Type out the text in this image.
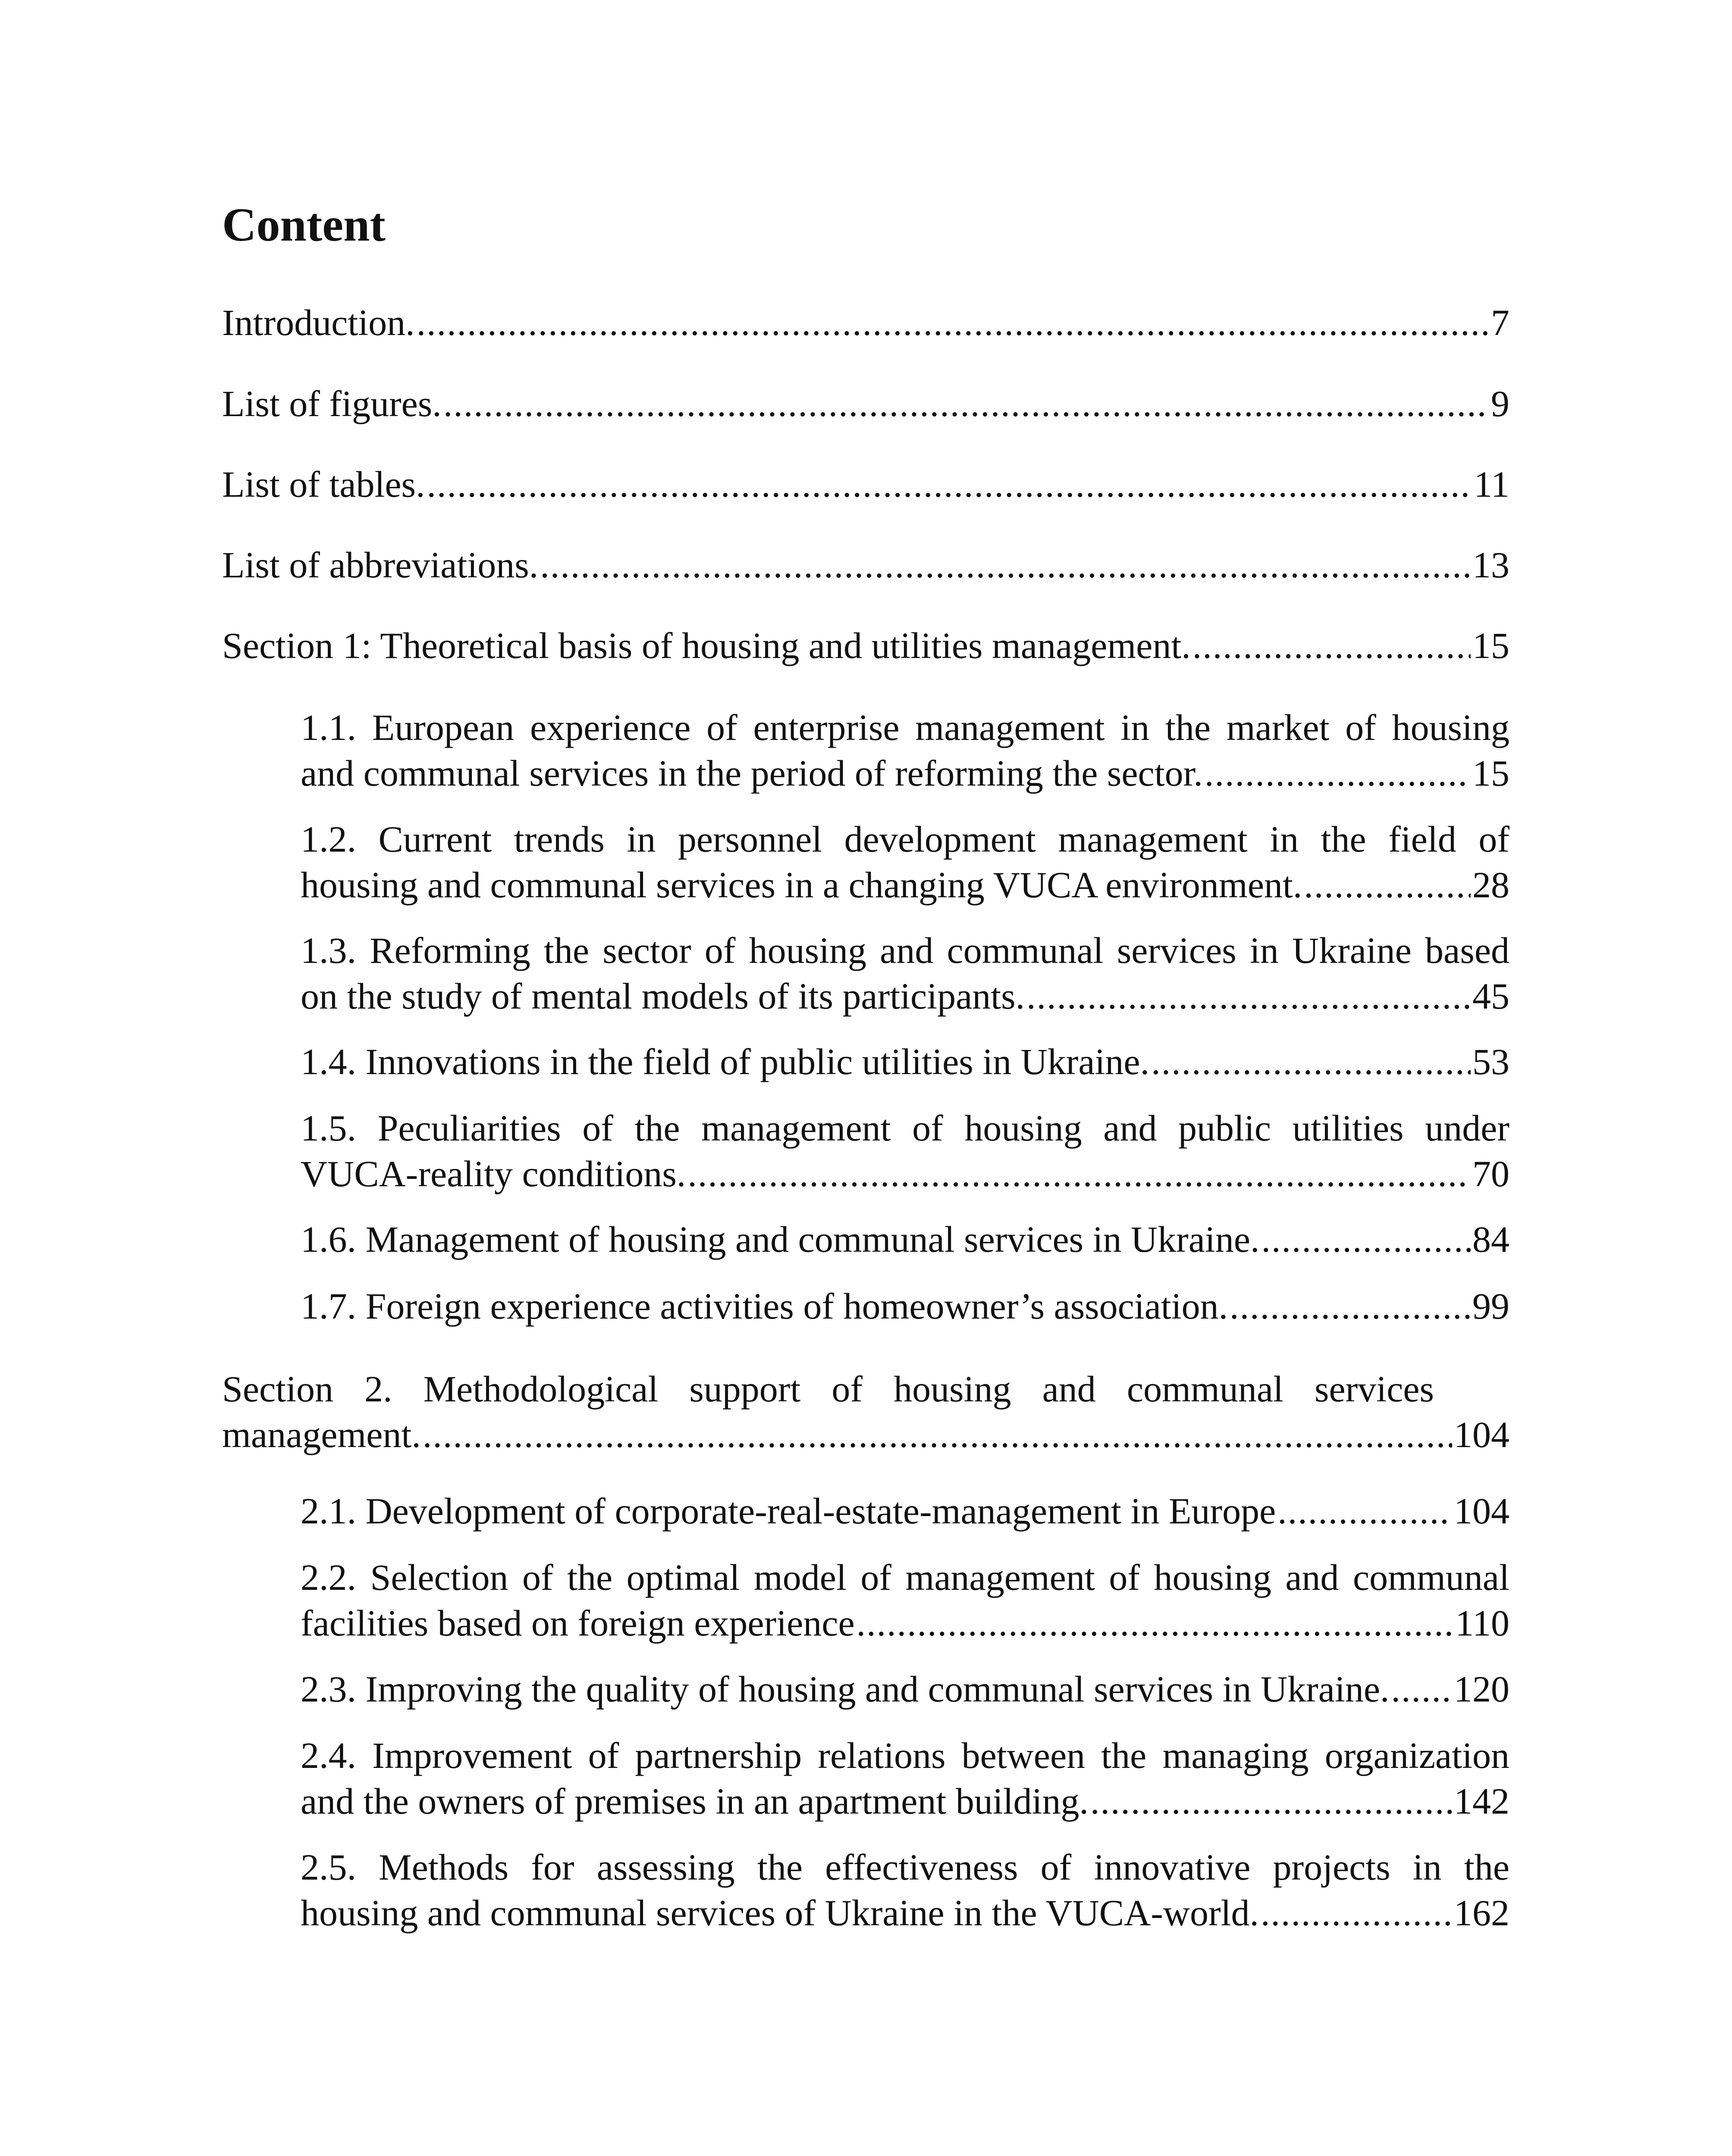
Content
Introduction. .....	7
List of figures. .....	9
List of tables. .....	11
List of abbreviations. .....	13
Section 1: Theoretical basis of housing and utilities management. .....	15
1.1. European experience of enterprise management in the market of housing
and communal services in the period of reforming the sector. .....	15
1.2. Current trends in personnel development management in the field of
housing and communal services in a changing VUCA environment. .....	28
1.3. Reforming the sector of housing and communal services in Ukraine based
on the study of mental models of its participants. .....	45
1.4. Innovations in the field of public utilities in Ukraine. .....	53
1.5. Peculiarities of the management of housing and public utilities under
VUCA-reality conditions. .....	70
1.6. Management of housing and communal services in Ukraine. .....	84
1.7. Foreign experience activities of homeowner’s association. .....	99
Section 2. Methodological support of housing and communal services
management. .....	104
2.1. Development of corporate-real-estate-management in Europe .....	104
2.2. Selection of the optimal model of management of housing and communal
facilities based on foreign experience .....	110
2.3. Improving the quality of housing and communal services in Ukraine. ..... 120
2.4. Improvement of partnership relations between the managing organization
and the owners of premises in an apartment building. .....	142
2.5. Methods for assessing the effectiveness of innovative projects in the
housing and communal services of Ukraine in the VUCA-world. .....	162
